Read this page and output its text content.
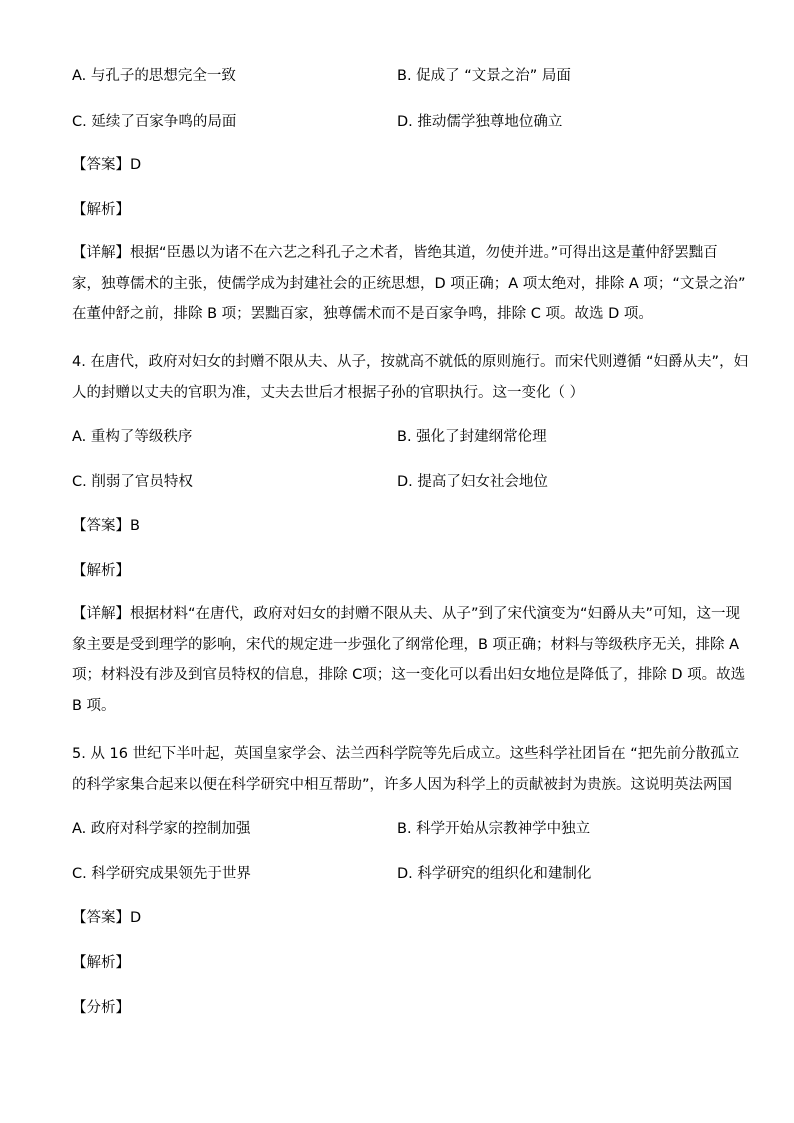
A. 与孔子的思想完全一致	B. 促成了 “文景之治” 局面
C. 延续了百家争鸣的局面	D. 推动儒学独尊地位确立
【答案】D
【解析】
【详解】根据“臣愚以为诸不在六艺之科孔子之术者，皆绝其道，勿使并进。”可得出这是董仲舒罢黜百
家，独尊儒术的主张，使儒学成为封建社会的正统思想，D 项正确；A 项太绝对，排除 A 项；“文景之治”
在董仲舒之前，排除 B 项；罢黜百家，独尊儒术而不是百家争鸣，排除 C 项。故选 D 项。
4. 在唐代，政府对妇女的封赠不限从夫、从子，按就高不就低的原则施行。而宋代则遵循 “妇爵从夫”，妇
人的封赠以丈夫的官职为准，丈夫去世后才根据子孙的官职执行。这一变化（ ）
A. 重构了等级秩序	B. 强化了封建纲常伦理
C. 削弱了官员特权	D. 提高了妇女社会地位
【答案】B
【解析】
【详解】根据材料“在唐代，政府对妇女的封赠不限从夫、从子”到了宋代演变为“妇爵从夫”可知，这一现
象主要是受到理学的影响，宋代的规定进一步强化了纲常伦理，B 项正确；材料与等级秩序无关，排除 A
项；材料没有涉及到官员特权的信息，排除 C项；这一变化可以看出妇女地位是降低了，排除 D 项。故选
B 项。
5. 从 16 世纪下半叶起，英国皇家学会、法兰西科学院等先后成立。这些科学社团旨在 “把先前分散孤立
的科学家集合起来以便在科学研究中相互帮助”，许多人因为科学上的贡献被封为贵族。这说明英法两国
A. 政府对科学家的控制加强	B. 科学开始从宗教神学中独立
C. 科学研究成果领先于世界	D. 科学研究的组织化和建制化
【答案】D
【解析】
【分析】
